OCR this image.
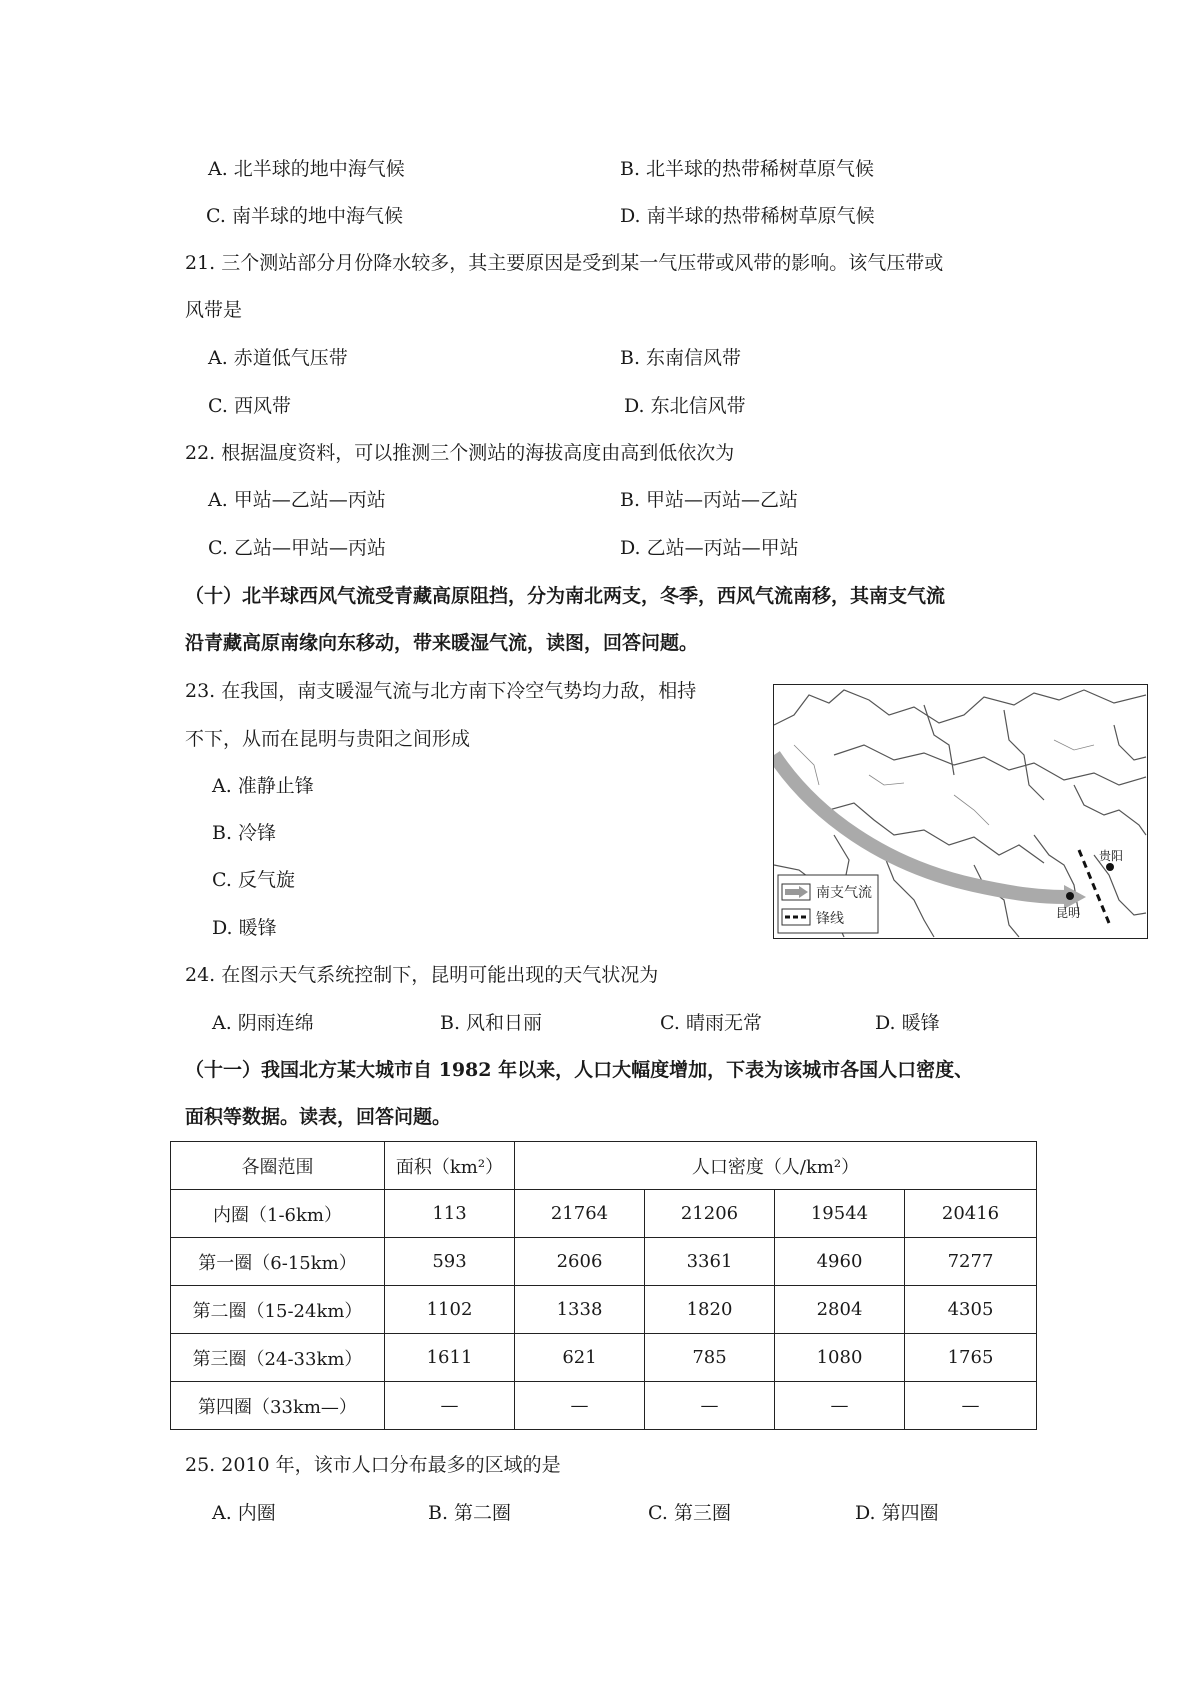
A. 北半球的地中海气候	B. 北半球的热带稀树草原气候
C. 南半球的地中海气候	D. 南半球的热带稀树草原气候
21. 三个测站部分月份降水较多，其主要原因是受到某一气压带或风带的影响。该气压带或
风带是
A. 赤道低气压带	B. 东南信风带
C. 西风带	D. 东北信风带
22. 根据温度资料，可以推测三个测站的海拔高度由高到低依次为
A. 甲站—乙站—丙站	B. 甲站—丙站—乙站
C. 乙站—甲站—丙站	D. 乙站—丙站—甲站
（十）北半球西风气流受青藏高原阻挡，分为南北两支，冬季，西风气流南移，其南支气流
沿青藏高原南缘向东移动，带来暖湿气流，读图，回答问题。
23. 在我国，南支暖湿气流与北方南下冷空气势均力敌，相持
不下，从而在昆明与贵阳之间形成
A. 准静止锋
B. 冷锋
C. 反气旋
D. 暖锋
昆明
贵阳
南支气流
锋线
24. 在图示天气系统控制下，昆明可能出现的天气状况为
A. 阴雨连绵	B. 风和日丽	C. 晴雨无常	D. 暖锋
（十一）我国北方某大城市自 1982 年以来，人口大幅度增加，下表为该城市各国人口密度、
面积等数据。读表，回答问题。
各圈范围	面积（km²）	人口密度（人/km²）			
内圈（1-6km）	113	21764	21206	19544	20416
第一圈（6-15km）	593	2606	3361	4960	7277
第二圈（15-24km）	1102	1338	1820	2804	4305
第三圈（24-33km）	1611	621	785	1080	1765
第四圈（33km—）	—	—	—	—	—
25. 2010 年，该市人口分布最多的区域的是
A. 内圈	B. 第二圈	C. 第三圈	D. 第四圈
